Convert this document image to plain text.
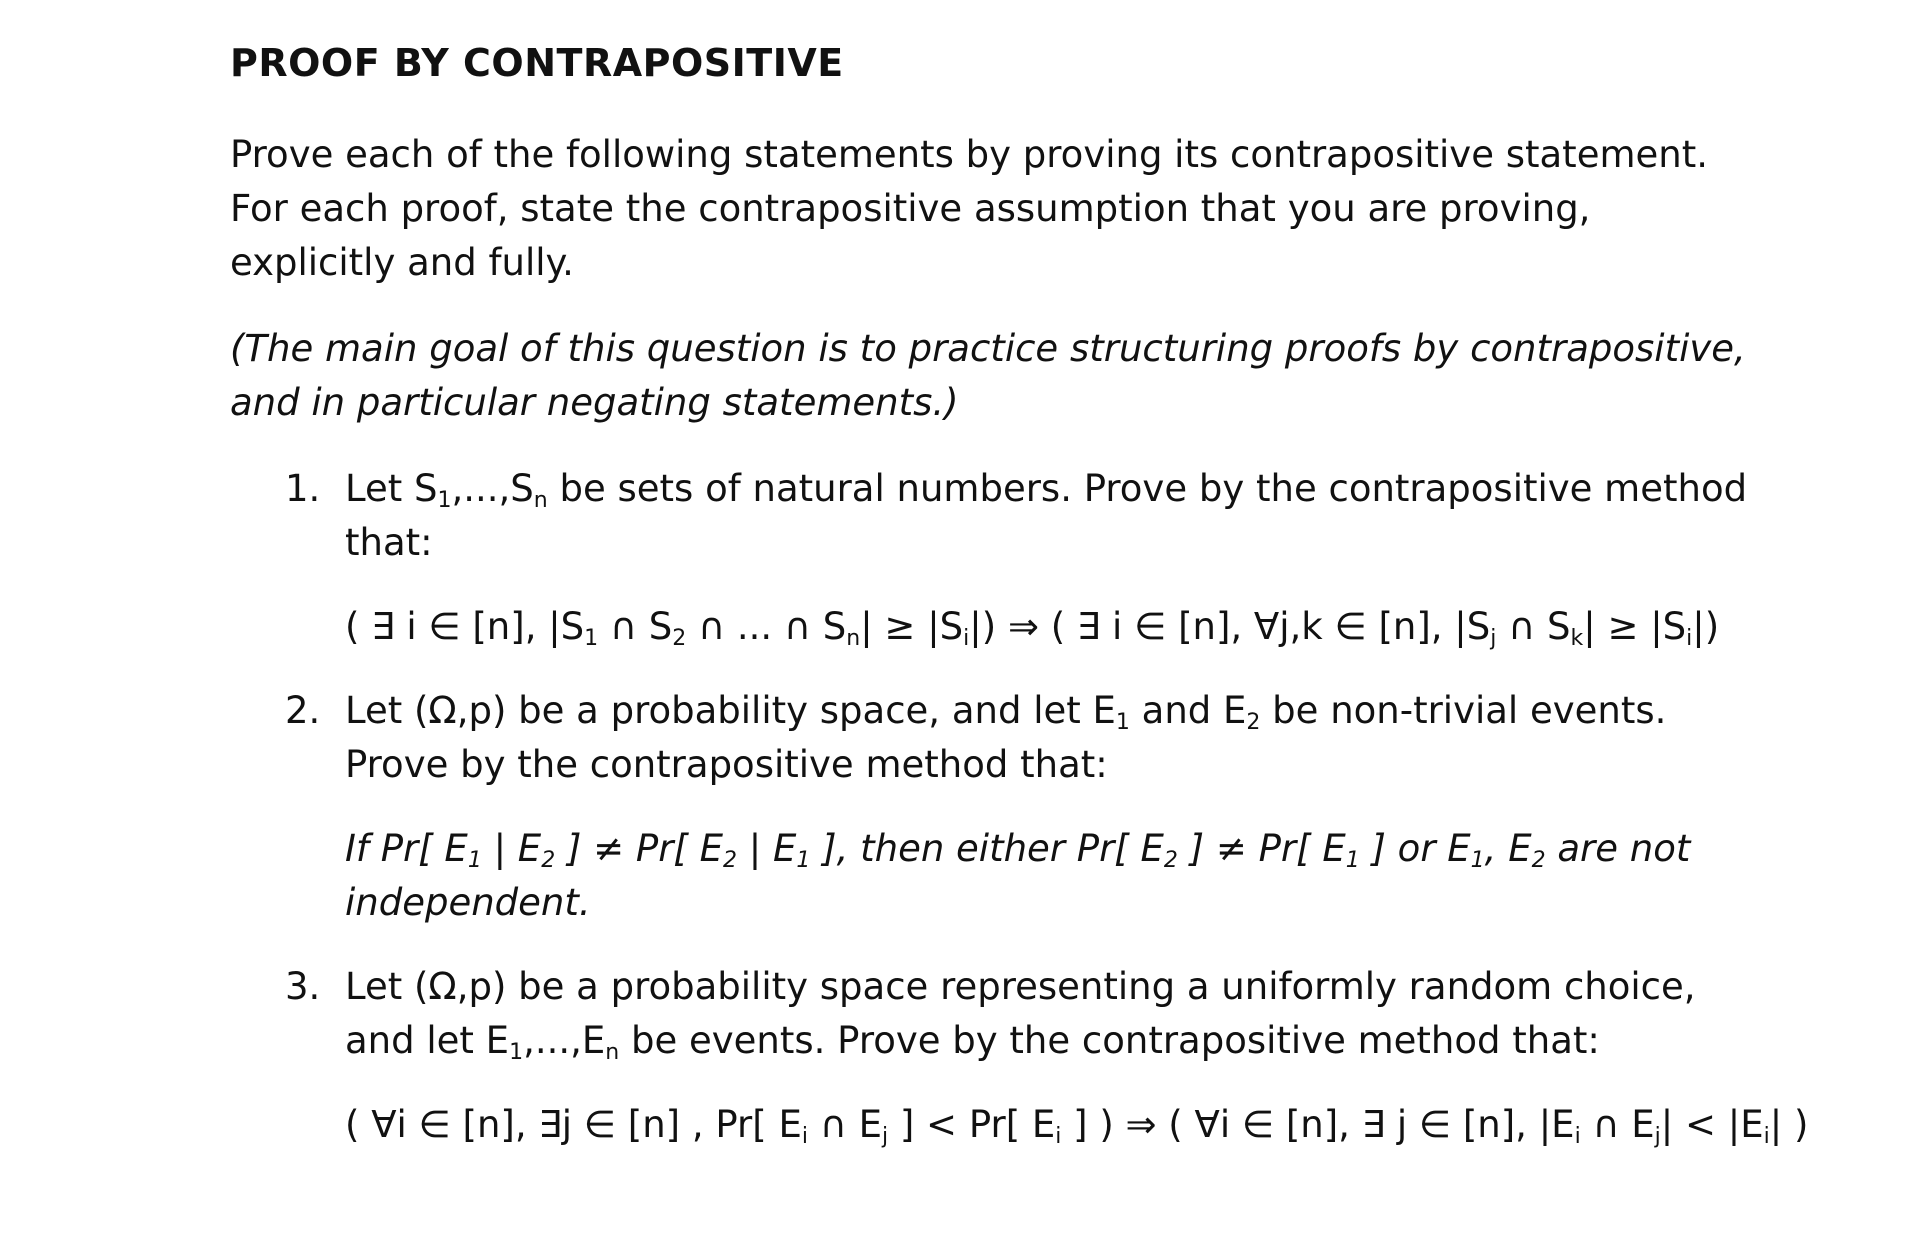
PROOF BY CONTRAPOSITIVE

Prove each of the following statements by proving its contrapositive statement. For each proof, state the contrapositive assumption that you are proving, explicitly and fully.

(The main goal of this question is to practice structuring proofs by contrapositive, and in particular negating statements.)

1. Let $S_1,...,S_n$ be sets of natural numbers. Prove by the contrapositive method that:

( ∃ i ∈ [n], $|S_1$ ∩ $S_2$ ∩ ... ∩ $S_n| \ge |S_i|$) ⇒ ( ∃ i ∈ [n], ∀j,k ∈ [n], $|S_j$ ∩ $S_k| \ge |S_i|$)

2. Let (Ω,p) be a probability space, and let $E_1$ and $E_2$ be non-trivial events. Prove by the contrapositive method that:

If Pr[ $E_1$ | $E_2$ ] ≠ Pr[ $E_2$ | $E_1$ ], then either Pr[ $E_2$ ] ≠ Pr[ $E_1$ ] or $E_1$, $E_2$ are not independent.

3. Let (Ω,p) be a probability space representing a uniformly random choice, and let $E_1,...,E_n$ be events. Prove by the contrapositive method that:

( ∀i ∈ [n], ∃j ∈ [n] , Pr[ $E_i$ ∩ $E_j$ ] < Pr[ $E_i$ ] ) ⇒ ( ∀i ∈ [n], ∃ j ∈ [n], $|E_i$ ∩ $E_j| < |E_i|$ )
